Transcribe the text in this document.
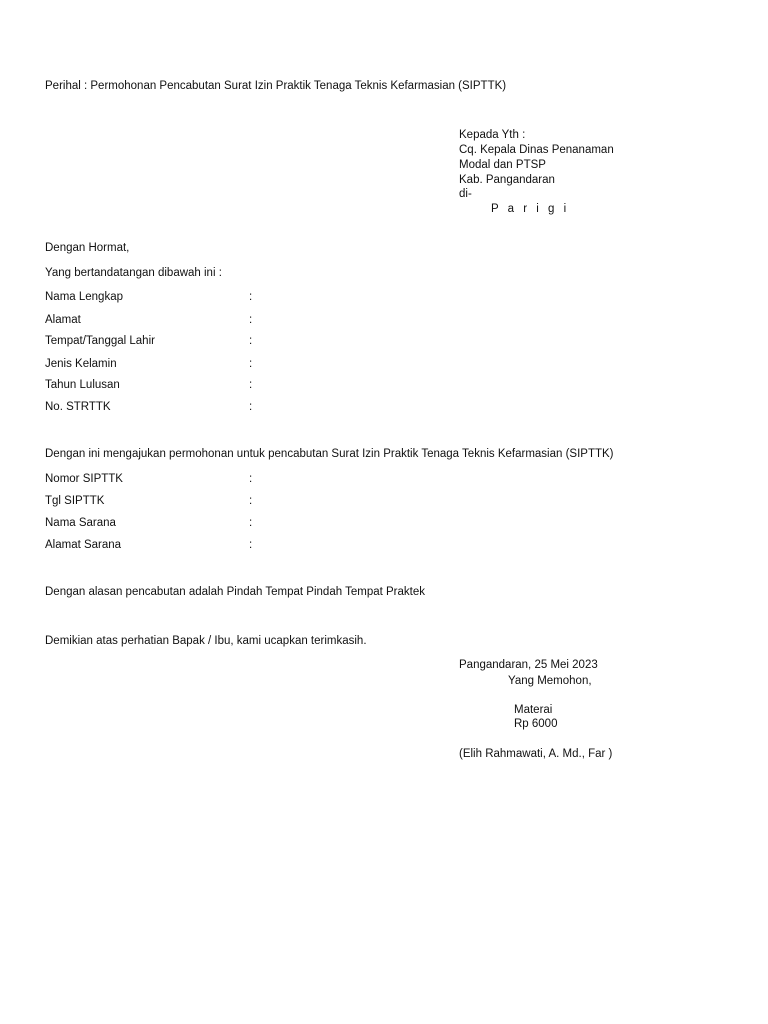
Perihal : Permohonan Pencabutan Surat Izin Praktik Tenaga Teknis Kefarmasian (SIPTTK)
Kepada Yth :
Cq. Kepala Dinas Penanaman
Modal dan PTSP
Kab. Pangandaran
di-
P a r i g i
Dengan Hormat,
Yang bertandatangan dibawah ini :
Nama Lengkap	:
Alamat	:
Tempat/Tanggal Lahir	:
Jenis Kelamin	:
Tahun Lulusan	:
No. STRTTK	:
Dengan ini mengajukan permohonan untuk pencabutan Surat Izin Praktik Tenaga Teknis Kefarmasian (SIPTTK)
Nomor SIPTTK	:
Tgl SIPTTK	:
Nama Sarana	:
Alamat Sarana	:
Dengan alasan pencabutan adalah Pindah Tempat Pindah Tempat Praktek
Demikian atas perhatian Bapak / Ibu, kami ucapkan terimkasih.
Pangandaran, 25 Mei 2023
Yang Memohon,
Materai
Rp 6000
(Elih Rahmawati, A. Md., Far )
